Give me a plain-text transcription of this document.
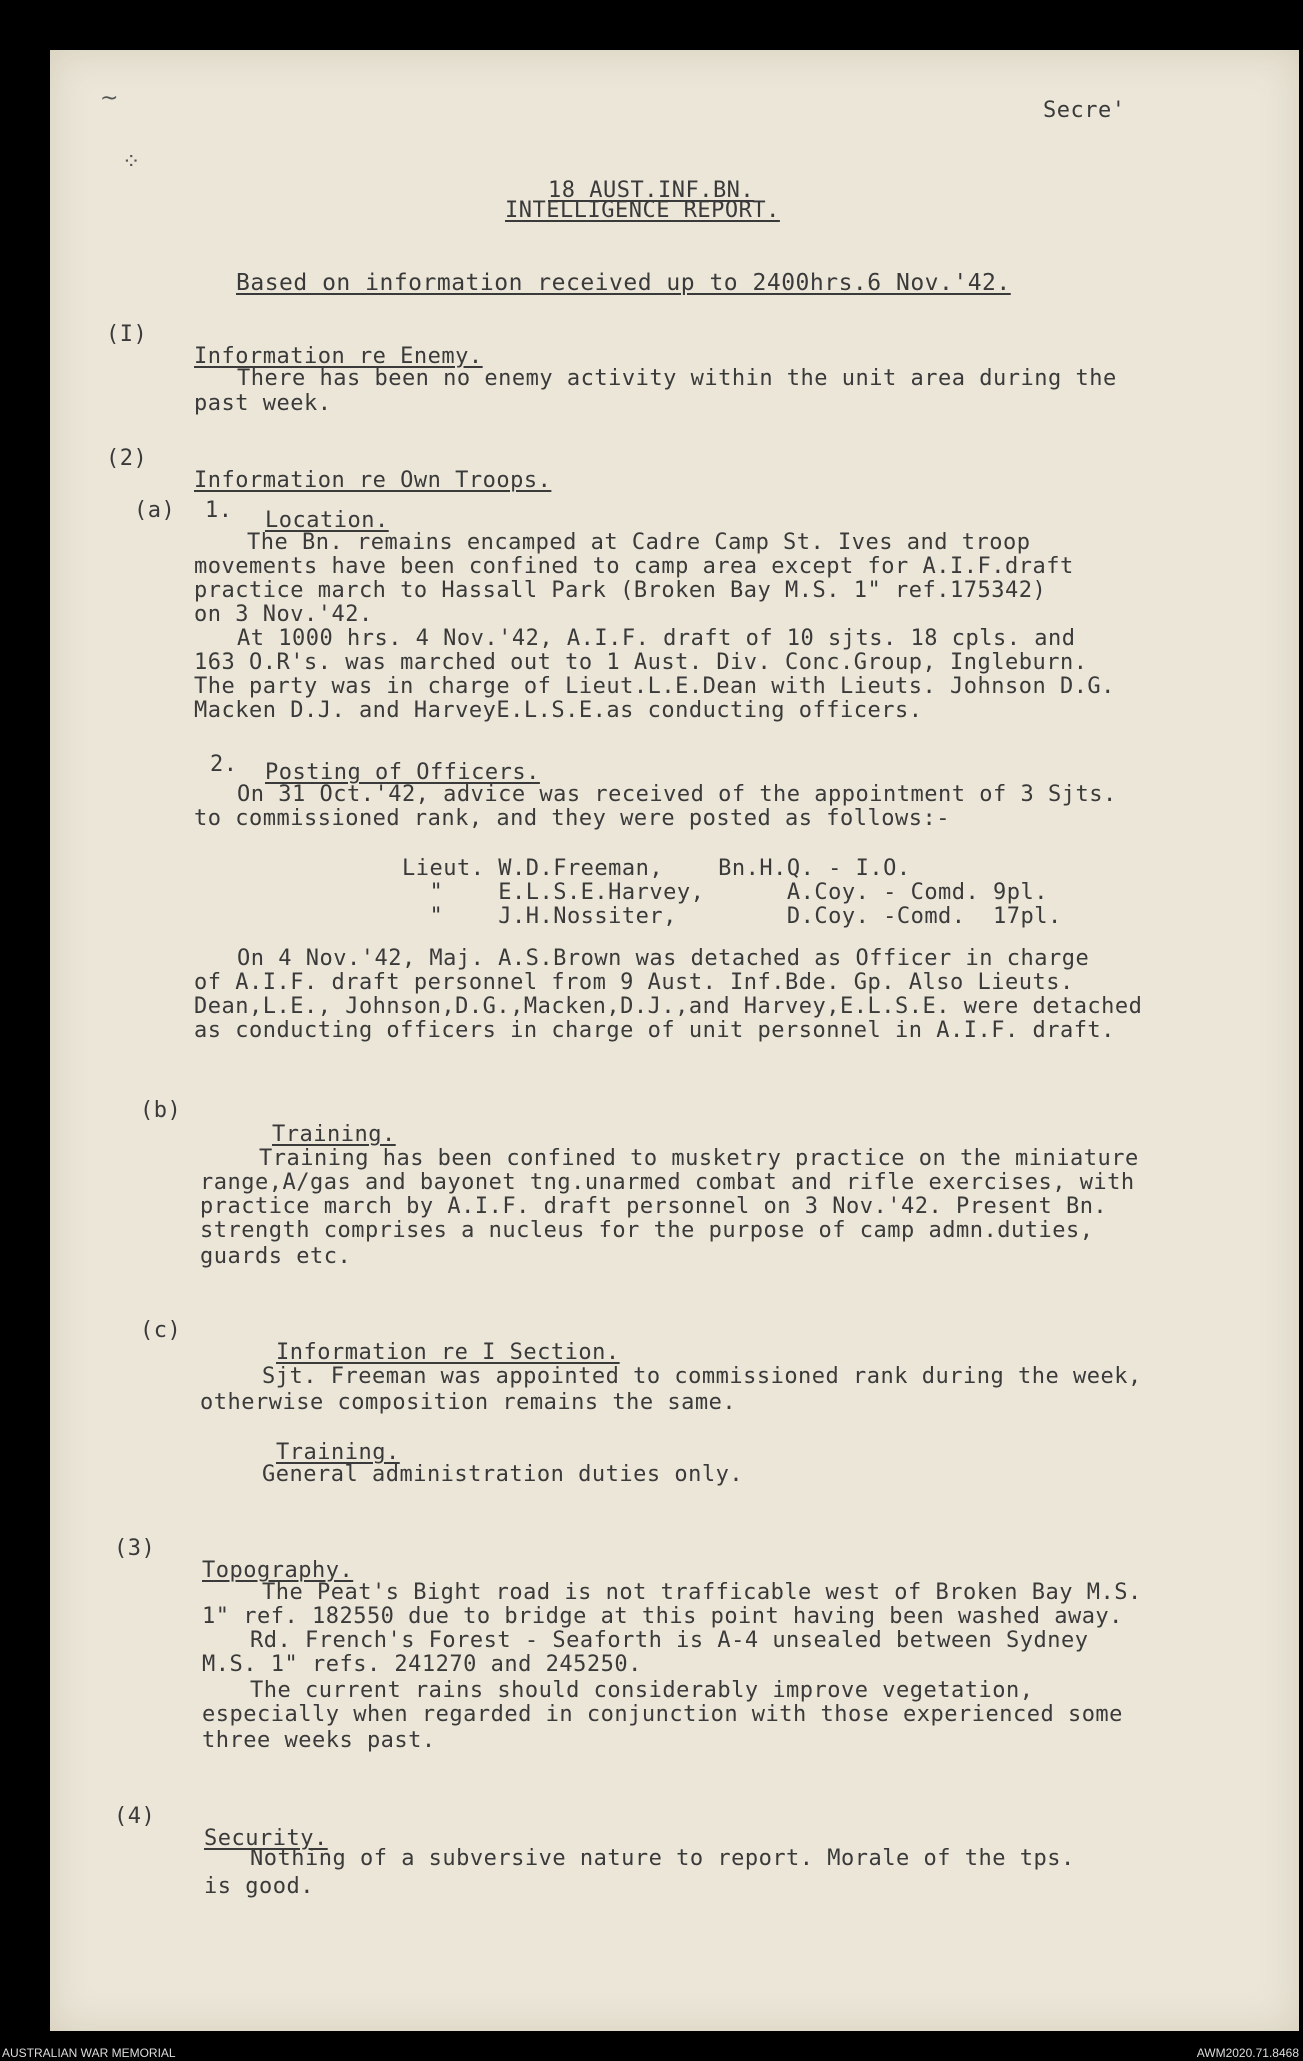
~
⁘
Secre'
18 AUST.INF.BN.
INTELLIGENCE REPORT.
Based on information received up to 2400hrs.6 Nov.'42.
(I)
Information re Enemy.
There has been no enemy activity within the unit area during the
past week.
(2)
Information re Own Troops.
(a) 1. Location.
The Bn. remains encamped at Cadre Camp St. Ives and troop
movements have been confined to camp area except for A.I.F.draft
practice march to Hassall Park (Broken Bay M.S. 1" ref.175342)
on 3 Nov.'42.
At 1000 hrs. 4 Nov.'42, A.I.F. draft of 10 sjts. 18 cpls. and
163 O.R's. was marched out to 1 Aust. Div. Conc.Group, Ingleburn.
The party was in charge of Lieut.L.E.Dean with Lieuts. Johnson D.G.
Macken D.J. and HarveyE.L.S.E.as conducting officers.
2. Posting of Officers.
On 31 Oct.'42, advice was received of the appointment of 3 Sjts.
to commissioned rank, and they were posted as follows:-
Lieut. W.D.Freeman,    Bn.H.Q. - I.O.
"    E.L.S.E.Harvey,      A.Coy. - Comd. 9pl.
"    J.H.Nossiter,        D.Coy. -Comd.  17pl.
On 4 Nov.'42, Maj. A.S.Brown was detached as Officer in charge
of A.I.F. draft personnel from 9 Aust. Inf.Bde. Gp. Also Lieuts.
Dean,L.E., Johnson,D.G.,Macken,D.J.,and Harvey,E.L.S.E. were detached
as conducting officers in charge of unit personnel in A.I.F. draft.
(b)
Training.
Training has been confined to musketry practice on the miniature
range,A/gas and bayonet tng.unarmed combat and rifle exercises, with
practice march by A.I.F. draft personnel on 3 Nov.'42. Present Bn.
strength comprises a nucleus for the purpose of camp admn.duties,
guards etc.
(c)
Information re I Section.
Sjt. Freeman was appointed to commissioned rank during the week,
otherwise composition remains the same.
Training.
General administration duties only.
(3)
Topography.
The Peat's Bight road is not trafficable west of Broken Bay M.S.
1" ref. 182550 due to bridge at this point having been washed away.
Rd. French's Forest - Seaforth is A-4 unsealed between Sydney
M.S. 1" refs. 241270 and 245250.
The current rains should considerably improve vegetation,
especially when regarded in conjunction with those experienced some
three weeks past.
(4)
Security.
Nothing of a subversive nature to report. Morale of the tps.
is good.
AUSTRALIAN WAR MEMORIAL	AWM2020.71.8468
